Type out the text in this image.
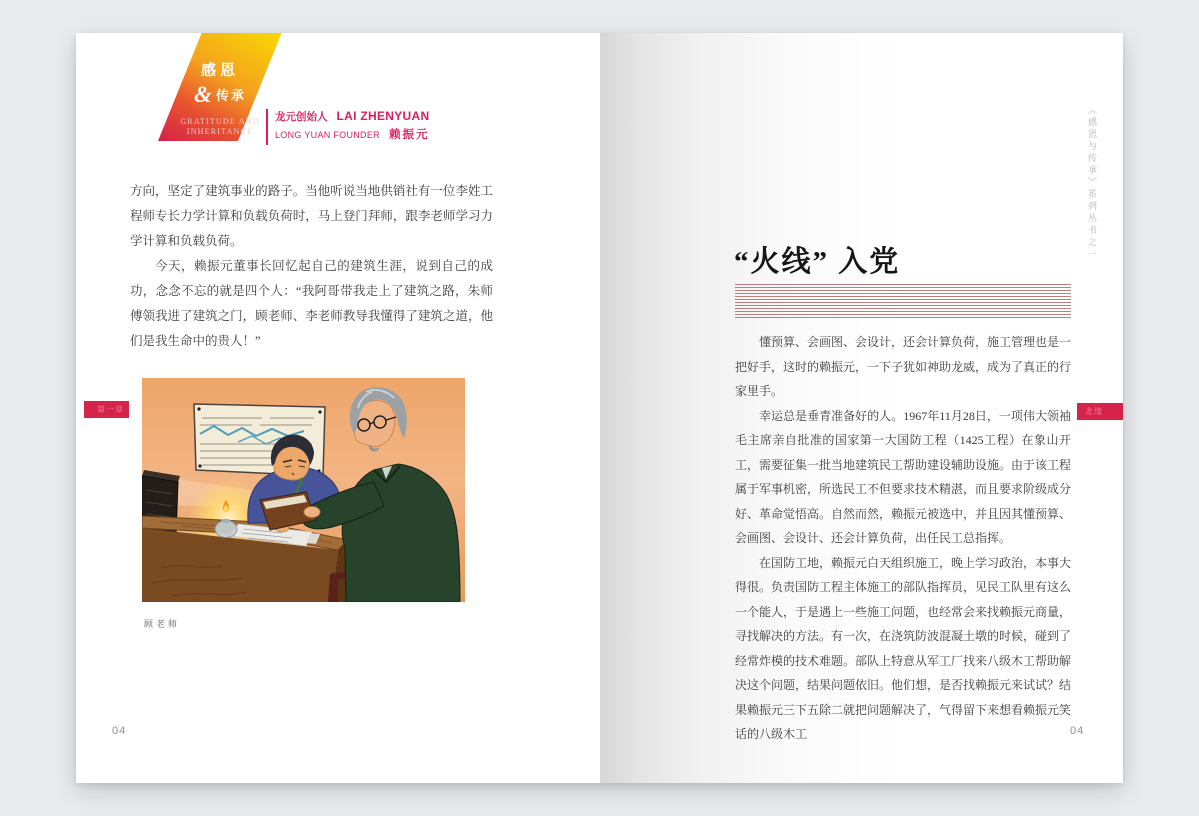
感恩
& 传承
GRATITUDE AND
INHERITANCE
龙元创始人 LAI ZHENYUAN
LONG YUAN FOUNDER 赖振元

方向，坚定了建筑事业的路子。当他听说当地供销社有一位李姓工程师专长力学计算和负载负荷时，马上登门拜师，跟李老师学习力学计算和负载负荷。

今天，赖振元董事长回忆起自己的建筑生涯，说到自己的成功，念念不忘的就是四个人：“我阿哥带我走上了建筑之路，朱师傅领我进了建筑之门，顾老师、李老师教导我懂得了建筑之道，他们是我生命中的贵人！”

顾老师
第一章
04
《感恩与传承》系列丛书之一
“火线” 入党

懂预算、会画图、会设计，还会计算负荷，施工管理也是一把好手，这时的赖振元，一下子犹如神助龙威，成为了真正的行家里手。

幸运总是垂青准备好的人。1967年11月28日，一项伟大领袖毛主席亲自批准的国家第一大国防工程（1425工程）在象山开工，需要征集一批当地建筑民工帮助建设辅助设施。由于该工程属于军事机密，所选民工不但要求技术精湛，而且要求阶级成分好、革命觉悟高。自然而然，赖振元被选中，并且因其懂预算、会画图、会设计、还会计算负荷，出任民工总指挥。

在国防工地，赖振元白天组织施工，晚上学习政治，本事大得很。负责国防工程主体施工的部队指挥员，见民工队里有这么一个能人，于是遇上一些施工问题，也经常会来找赖振元商量，寻找解决的方法。有一次，在浇筑防波混凝土墩的时候，碰到了经常炸模的技术难题。部队上特意从军工厂找来八级木工帮助解决这个问题，结果问题依旧。他们想，是否找赖振元来试试？结果赖振元三下五除二就把问题解决了，气得留下来想看赖振元笑话的八级木工

龙缘
04
